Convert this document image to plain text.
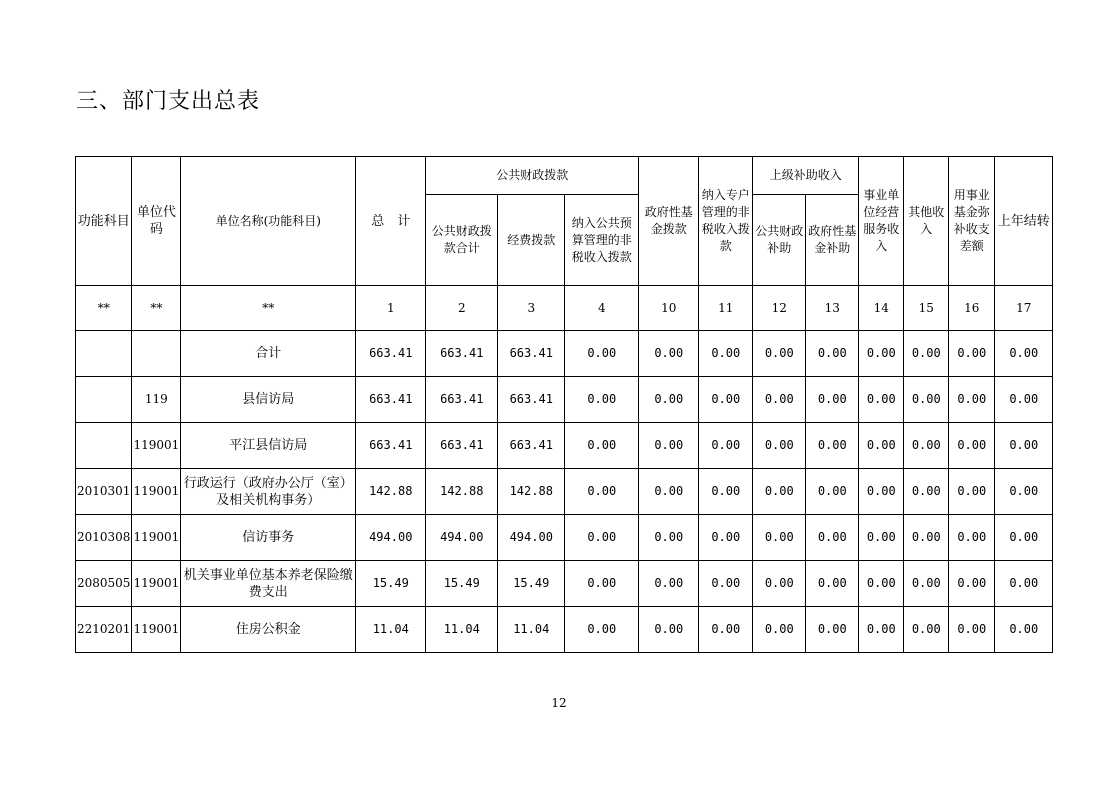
三、部门支出总表
功能科目	单位代码	单位名称(功能科目)	总　计	公共财政拨款			政府性基金拨款	纳入专户管理的非税收入拨款	上级补助收入		事业单位经营服务收入	其他收入	用事业基金弥补收支差额	上年结转
				公共财政拨款合计	经费拨款	纳入公共预算管理的非税收入拨款			公共财政补助	政府性基金补助				
**	**	**	1	2	3	4	10	11	12	13	14	15	16	17
		合计	663.41	663.41	663.41	0.00	0.00	0.00	0.00	0.00	0.00	0.00	0.00	0.00
	119	县信访局	663.41	663.41	663.41	0.00	0.00	0.00	0.00	0.00	0.00	0.00	0.00	0.00
	119001	平江县信访局	663.41	663.41	663.41	0.00	0.00	0.00	0.00	0.00	0.00	0.00	0.00	0.00
2010301	119001	行政运行（政府办公厅（室）及相关机构事务）	142.88	142.88	142.88	0.00	0.00	0.00	0.00	0.00	0.00	0.00	0.00	0.00
2010308	119001	信访事务	494.00	494.00	494.00	0.00	0.00	0.00	0.00	0.00	0.00	0.00	0.00	0.00
2080505	119001	机关事业单位基本养老保险缴费支出	15.49	15.49	15.49	0.00	0.00	0.00	0.00	0.00	0.00	0.00	0.00	0.00
2210201	119001	住房公积金	11.04	11.04	11.04	0.00	0.00	0.00	0.00	0.00	0.00	0.00	0.00	0.00
12
